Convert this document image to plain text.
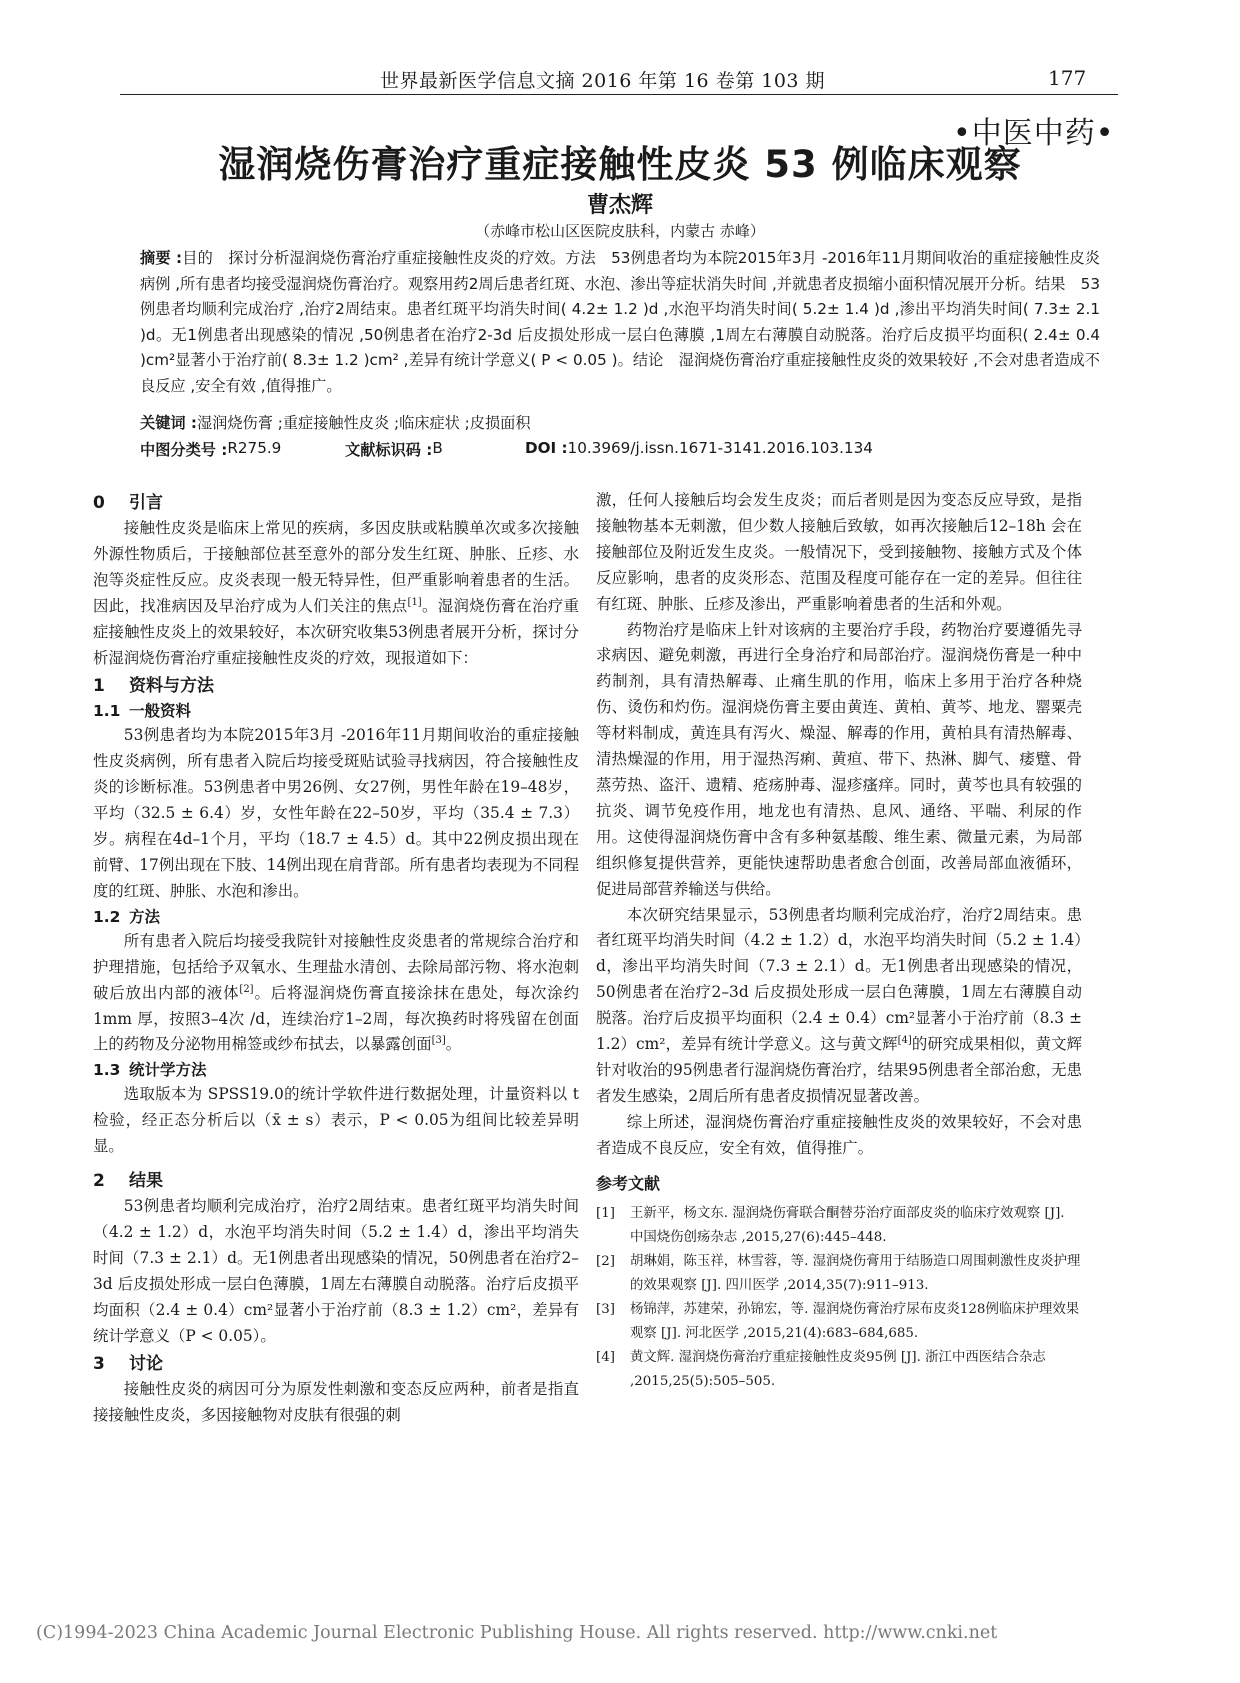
世界最新医学信息文摘 2016 年第 16 卷第 103 期	177
•中医中药•
湿润烧伤膏治疗重症接触性皮炎 53 例临床观察
曹杰辉
（赤峰市松山区医院皮肤科，内蒙古 赤峰）
摘要 :目的　探讨分析湿润烧伤膏治疗重症接触性皮炎的疗效。方法　53例患者均为本院2015年3月 -2016年11月期间收治的重症接触性皮炎病例 ,所有患者均接受湿润烧伤膏治疗。观察用药2周后患者红斑、水泡、渗出等症状消失时间 ,并就患者皮损缩小面积情况展开分析。结果　53例患者均顺利完成治疗 ,治疗2周结束。患者红斑平均消失时间( 4.2± 1.2 )d ,水泡平均消失时间( 5.2± 1.4 )d ,渗出平均消失时间( 7.3± 2.1 )d。无1例患者出现感染的情况 ,50例患者在治疗2-3d 后皮损处形成一层白色薄膜 ,1周左右薄膜自动脱落。治疗后皮损平均面积( 2.4± 0.4 )cm²显著小于治疗前( 8.3± 1.2 )cm² ,差异有统计学意义( P < 0.05 )。结论　湿润烧伤膏治疗重症接触性皮炎的效果较好 ,不会对患者造成不良反应 ,安全有效 ,值得推广。
关键词 :湿润烧伤膏 ;重症接触性皮炎 ;临床症状 ;皮损面积
中图分类号 : R275.9	文献标识码 : B	DOI : 10.3969/j.issn.1671-3141.2016.103.134
0 引言

接触性皮炎是临床上常见的疾病，多因皮肤或粘膜单次或多次接触外源性物质后，于接触部位甚至意外的部分发生红斑、肿胀、丘疹、水泡等炎症性反应。皮炎表现一般无特异性，但严重影响着患者的生活。因此，找准病因及早治疗成为人们关注的焦点[1]。湿润烧伤膏在治疗重症接触性皮炎上的效果较好，本次研究收集53例患者展开分析，探讨分析湿润烧伤膏治疗重症接触性皮炎的疗效，现报道如下：

1 资料与方法
1.1 一般资料

53例患者均为本院2015年3月 -2016年11月期间收治的重症接触性皮炎病例，所有患者入院后均接受斑贴试验寻找病因，符合接触性皮炎的诊断标准。53例患者中男26例、女27例，男性年龄在19–48岁，平均（32.5 ± 6.4）岁，女性年龄在22–50岁，平均（35.4 ± 7.3）岁。病程在4d–1个月，平均（18.7 ± 4.5）d。其中22例皮损出现在前臂、17例出现在下肢、14例出现在肩背部。所有患者均表现为不同程度的红斑、肿胀、水泡和渗出。

1.2 方法

所有患者入院后均接受我院针对接触性皮炎患者的常规综合治疗和护理措施，包括给予双氧水、生理盐水清创、去除局部污物、将水泡刺破后放出内部的液体[2]。后将湿润烧伤膏直接涂抹在患处，每次涂约1mm 厚，按照3–4次 /d，连续治疗1–2周，每次换药时将残留在创面上的药物及分泌物用棉签或纱布拭去，以暴露创面[3]。

1.3 统计学方法

选取版本为 SPSS19.0的统计学软件进行数据处理，计量资料以 t 检验，经正态分析后以（x̄ ± s）表示，P < 0.05为组间比较差异明显。

2 结果

53例患者均顺利完成治疗，治疗2周结束。患者红斑平均消失时间（4.2 ± 1.2）d，水泡平均消失时间（5.2 ± 1.4）d，渗出平均消失时间（7.3 ± 2.1）d。无1例患者出现感染的情况，50例患者在治疗2–3d 后皮损处形成一层白色薄膜，1周左右薄膜自动脱落。治疗后皮损平均面积（2.4 ± 0.4）cm²显著小于治疗前（8.3 ± 1.2）cm²，差异有统计学意义（P < 0.05）。

3 讨论

接触性皮炎的病因可分为原发性刺激和变态反应两种，前者是指直接接触性皮炎，多因接触物对皮肤有很强的刺

激，任何人接触后均会发生皮炎；而后者则是因为变态反应导致，是指接触物基本无刺激，但少数人接触后致敏，如再次接触后12–18h 会在接触部位及附近发生皮炎。一般情况下，受到接触物、接触方式及个体反应影响，患者的皮炎形态、范围及程度可能存在一定的差异。但往往有红斑、肿胀、丘疹及渗出，严重影响着患者的生活和外观。

药物治疗是临床上针对该病的主要治疗手段，药物治疗要遵循先寻求病因、避免刺激，再进行全身治疗和局部治疗。湿润烧伤膏是一种中药制剂，具有清热解毒、止痛生肌的作用，临床上多用于治疗各种烧伤、烫伤和灼伤。湿润烧伤膏主要由黄连、黄柏、黄芩、地龙、罂粟壳等材料制成，黄连具有泻火、燥湿、解毒的作用，黄柏具有清热解毒、清热燥湿的作用，用于湿热泻痢、黄疸、带下、热淋、脚气、痿躄、骨蒸劳热、盗汗、遗精、疮疡肿毒、湿疹瘙痒。同时，黄芩也具有较强的抗炎、调节免疫作用，地龙也有清热、息风、通络、平喘、利尿的作用。这使得湿润烧伤膏中含有多种氨基酸、维生素、微量元素，为局部组织修复提供营养，更能快速帮助患者愈合创面，改善局部血液循环，促进局部营养输送与供给。

本次研究结果显示，53例患者均顺利完成治疗，治疗2周结束。患者红斑平均消失时间（4.2 ± 1.2）d，水泡平均消失时间（5.2 ± 1.4）d，渗出平均消失时间（7.3 ± 2.1）d。无1例患者出现感染的情况，50例患者在治疗2–3d 后皮损处形成一层白色薄膜，1周左右薄膜自动脱落。治疗后皮损平均面积（2.4 ± 0.4）cm²显著小于治疗前（8.3 ± 1.2）cm²，差异有统计学意义。这与黄文辉[4]的研究成果相似，黄文辉针对收治的95例患者行湿润烧伤膏治疗，结果95例患者全部治愈，无患者发生感染，2周后所有患者皮损情况显著改善。

综上所述，湿润烧伤膏治疗重症接触性皮炎的效果较好，不会对患者造成不良反应，安全有效，值得推广。

参考文献
[1] 王新平，杨文东. 湿润烧伤膏联合酮替芬治疗面部皮炎的临床疗效观察 [J]. 中国烧伤创疡杂志 ,2015,27(6):445–448.
[2] 胡琳娟，陈玉祥，林雪蓉，等. 湿润烧伤膏用于结肠造口周围刺激性皮炎护理的效果观察 [J]. 四川医学 ,2014,35(7):911–913.
[3] 杨锦萍，苏建荣，孙锦宏，等. 湿润烧伤膏治疗尿布皮炎128例临床护理效果观察 [J]. 河北医学 ,2015,21(4):683–684,685.
[4] 黄文辉. 湿润烧伤膏治疗重症接触性皮炎95例 [J]. 浙江中西医结合杂志 ,2015,25(5):505–505.
(C)1994-2023 China Academic Journal Electronic Publishing House. All rights reserved. http://www.cnki.net
